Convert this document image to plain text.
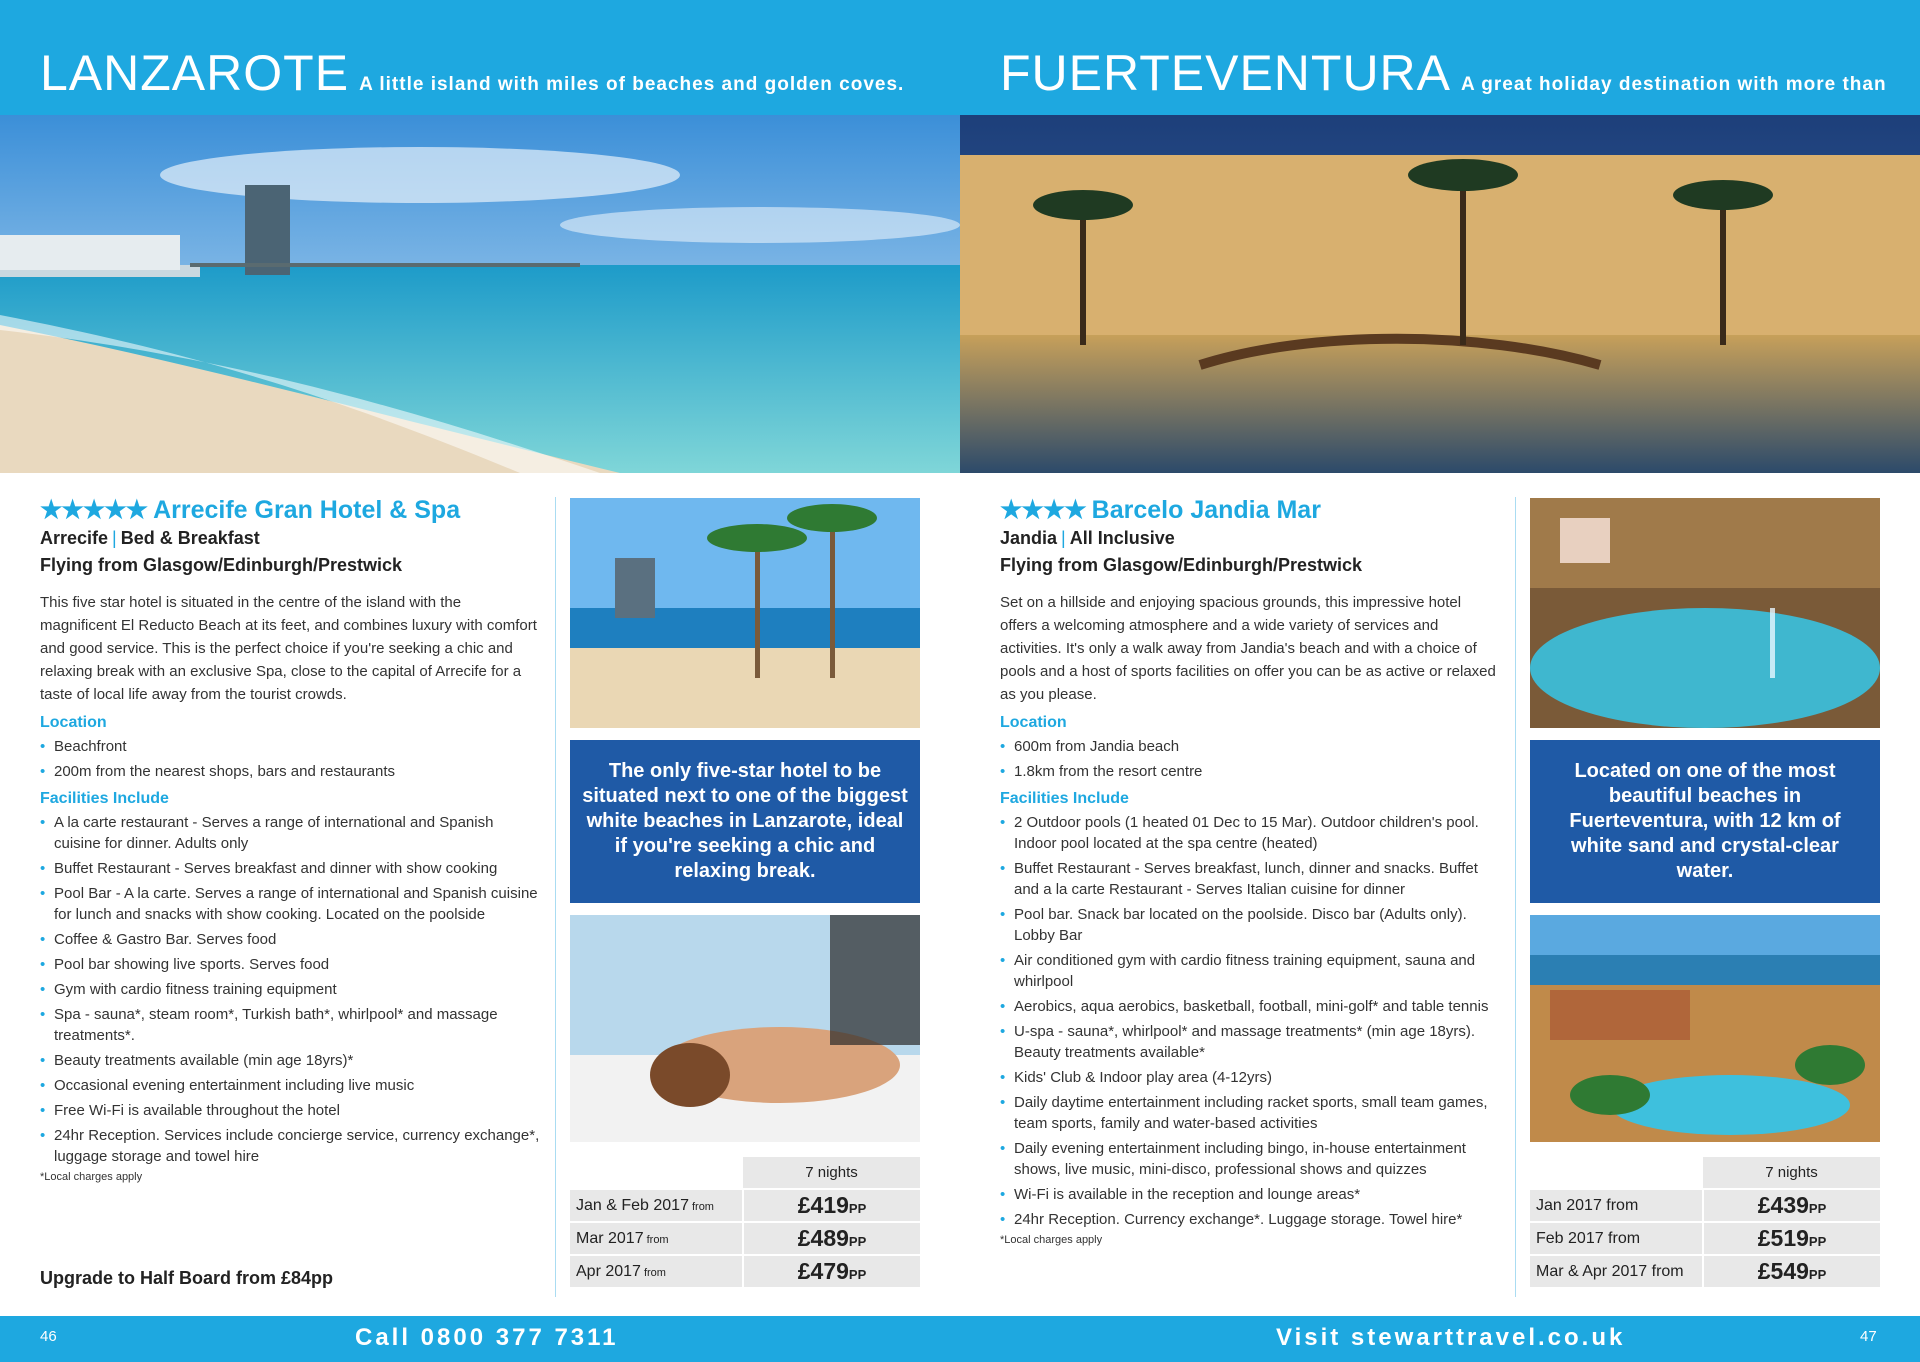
LANZAROTE A little island with miles of beaches and golden coves.
★★★★★ Arrecife Gran Hotel & Spa
Arrecife | Bed & Breakfast
Flying from Glasgow/Edinburgh/Prestwick
This five star hotel is situated in the centre of the island with the magnificent El Reducto Beach at its feet, and combines luxury with comfort and good service. This is the perfect choice if you're seeking a chic and relaxing break with an exclusive Spa, close to the capital of Arrecife for a taste of local life away from the tourist crowds.
Location
• Beachfront
• 200m from the nearest shops, bars and restaurants
Facilities Include
• A la carte restaurant - Serves a range of international and Spanish cuisine for dinner. Adults only
• Buffet Restaurant - Serves breakfast and dinner with show cooking
• Pool Bar - A la carte. Serves a range of international and Spanish cuisine for lunch and snacks with show cooking. Located on the poolside
• Coffee & Gastro Bar. Serves food
• Pool bar showing live sports. Serves food
• Gym with cardio fitness training equipment
• Spa - sauna*, steam room*, Turkish bath*, whirlpool* and massage treatments*.
• Beauty treatments available (min age 18yrs)*
• Occasional evening entertainment including live music
• Free Wi-Fi is available throughout the hotel
• 24hr Reception. Services include concierge service, currency exchange*, luggage storage and towel hire
*Local charges apply
Upgrade to Half Board from £84pp
The only five-star hotel to be situated next to one of the biggest white beaches in Lanzarote, ideal if you're seeking a chic and relaxing break.
	7 nights
Jan & Feb 2017 from	£419PP
Mar 2017 from	£489PP
Apr 2017 from	£479PP
46	Call 0800 377 7311
FUERTEVENTURA A great holiday destination with more than
★★★★ Barcelo Jandia Mar
Jandia | All Inclusive
Flying from Glasgow/Edinburgh/Prestwick
Set on a hillside and enjoying spacious grounds, this impressive hotel offers a welcoming atmosphere and a wide variety of services and activities. It's only a walk away from Jandia's beach and with a choice of pools and a host of sports facilities on offer you can be as active or relaxed as you please.
Location
• 600m from Jandia beach
• 1.8km from the resort centre
Facilities Include
• 2 Outdoor pools (1 heated 01 Dec to 15 Mar). Outdoor children's pool. Indoor pool located at the spa centre (heated)
• Buffet Restaurant - Serves breakfast, lunch, dinner and snacks. Buffet and a la carte Restaurant - Serves Italian cuisine for dinner
• Pool bar. Snack bar located on the poolside. Disco bar (Adults only). Lobby Bar
• Air conditioned gym with cardio fitness training equipment, sauna and whirlpool
• Aerobics, aqua aerobics, basketball, football, mini-golf* and table tennis
• U-spa - sauna*, whirlpool* and massage treatments* (min age 18yrs). Beauty treatments available*
• Kids' Club & Indoor play area (4-12yrs)
• Daily daytime entertainment including racket sports, small team games, team sports, family and water-based activities
• Daily evening entertainment including bingo, in-house entertainment shows, live music, mini-disco, professional shows and quizzes
• Wi-Fi is available in the reception and lounge areas*
• 24hr Reception. Currency exchange*. Luggage storage. Towel hire*
*Local charges apply
Located on one of the most beautiful beaches in Fuerteventura, with 12 km of white sand and crystal-clear water.
	7 nights
Jan 2017 from	£439PP
Feb 2017 from	£519PP
Mar & Apr 2017 from	£549PP
Visit stewarttravel.co.uk	47
